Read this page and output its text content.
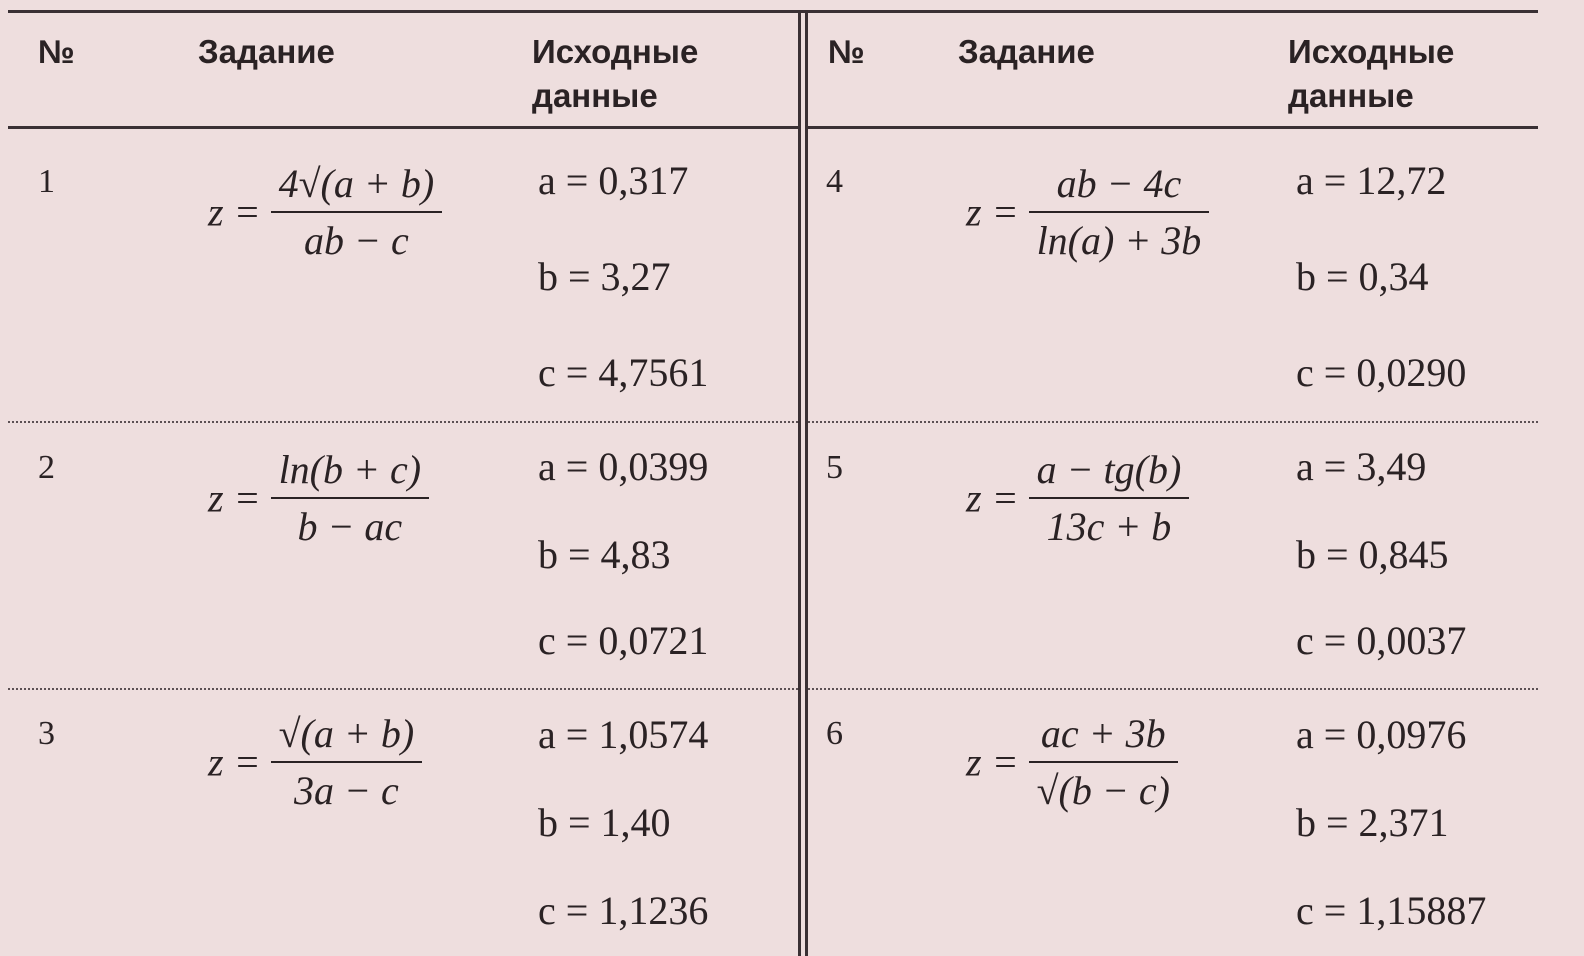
№	Задание	Исходные данные
№	Задание	Исходные данные
1
$z = \frac{4√(a + b)}{ab - c}$ a = 0,317
b = 3,27
c = 4,7561
2
$z = \frac{\ln(b + c)}{b - ac}$	a = 0,0399
b = 4,83
c = 0,0721
3
$z = \frac{√(a + b)}{3a - c}$	a = 1,0574
b = 1,40
c = 1,1236
4
$z = \frac{ab - 4c}{\ln(a) + 3b}$ a = 12,72
b = 0,34
c = 0,0290
5
$z = \frac{a - tg(b)}{13c + b}$	a = 3,49
b = 0,845
c = 0,0037
6
$z = \frac{ac + 3b}{√(b - c)}$	a = 0,0976
b = 2,371
c = 1,15887
